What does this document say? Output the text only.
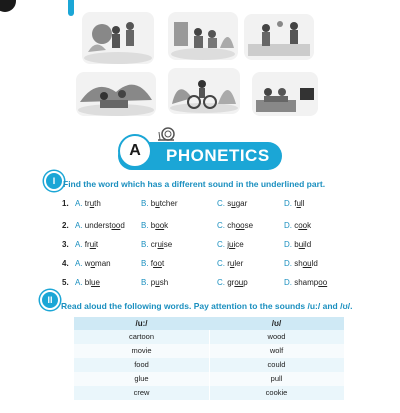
PHONETICS
A
I Find the word which has a different sound in the underlined part.
1. A. truth	B. butcher	C. sugar	D. full
2. A. understood B. book	C. choose	D. cook
3. A. fruit	B. cruise	C. juice	D. build
4. A. woman	B. foot	C. ruler	D. should
5. A. blue	B. push	C. group	D. shampoo
II
Read aloud the following words. Pay attention to the sounds /u:/ and /ʊ/.
/u:/	/ʊ/
cartoon	wood
movie	wolf
food	could
glue	pull
crew	cookie
